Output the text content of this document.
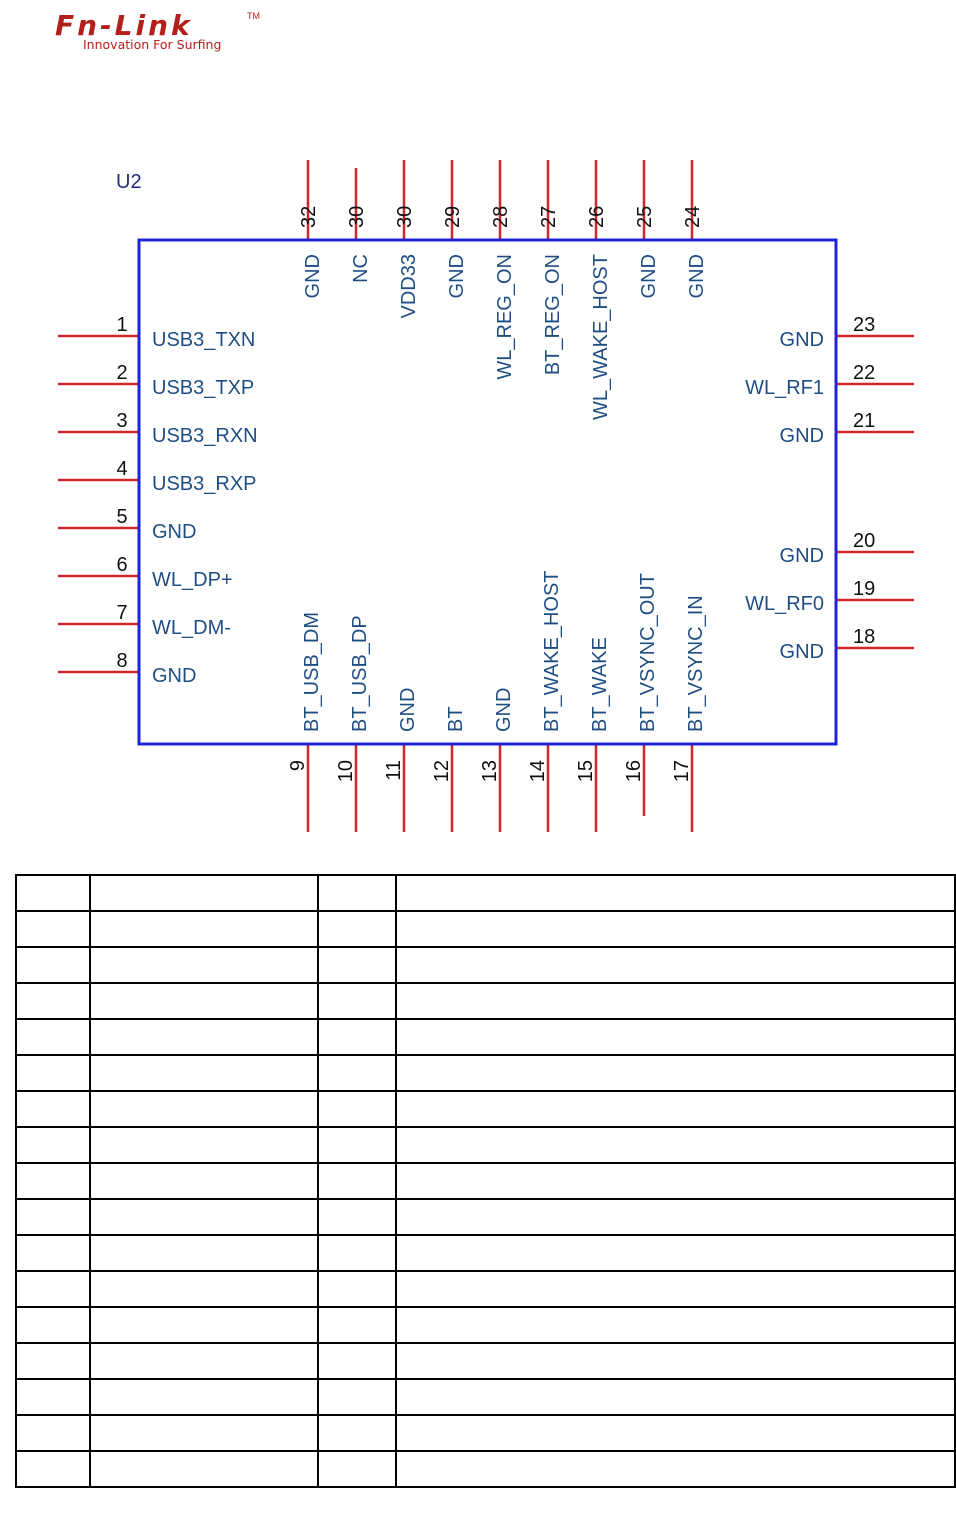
Fn-Link	TM
Innovation For Surfing
U2
1
USB3_TXN
2
USB3_TXP
3
USB3_RXN
4
USB3_RXP
5
GND
6
WL_DP+
7
WL_DM-
8
GND
18
GND
19
WL_RF0
20
GND
21
GND
22
WL_RF1
23
GND
32
GND
30
NC
30
VDD33
29
GND
28
WL_REG_ON
27
BT_REG_ON
26
WL_WAKE_HOST
25
GND
24
GND
9
BT_USB_DM
10
BT_USB_DP
11
GND
12
BT
13
GND
14
BT_WAKE_HOST
15
BT_WAKE
16
BT_VSYNC_OUT
17
BT_VSYNC_IN
